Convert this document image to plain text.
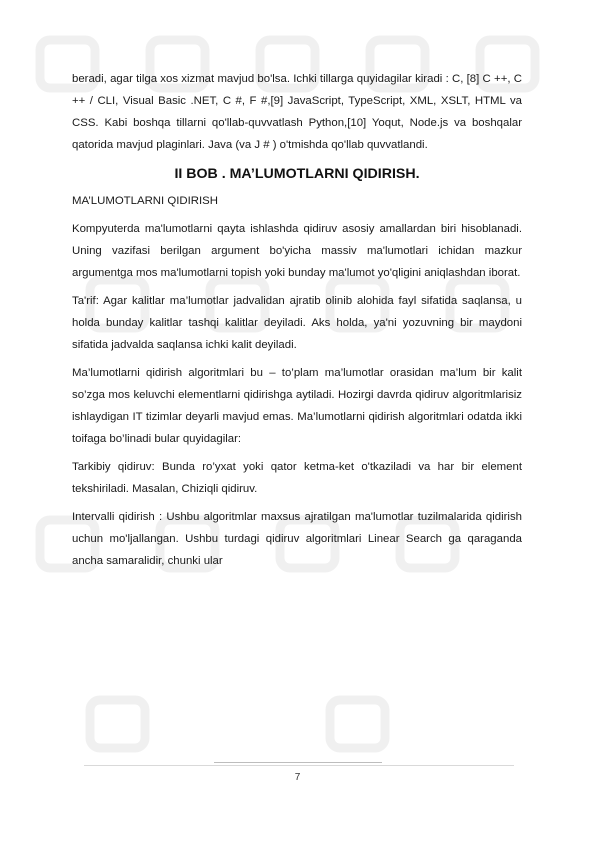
beradi, agar tilga xos xizmat mavjud bo'lsa. Ichki tillarga quyidagilar kiradi : C, [8] C ++, C ++ / CLI, Visual Basic .NET, C #, F #,[9] JavaScript, TypeScript, XML, XSLT, HTML va CSS. Kabi boshqa tillarni qo'llab-quvvatlash Python,[10] Yoqut, Node.js va boshqalar qatorida mavjud plaginlari. Java (va J # ) o'tmishda qo'llab quvvatlandi.

II BOB . MA’LUMOTLARNI QIDIRISH.

MA’LUMOTLARNI QIDIRISH

Kompyuterda ma'lumotlarni qayta ishlashda qidiruv asosiy amallardan biri hisoblanadi. Uning vazifasi berilgan argument bo'yicha massiv ma'lumotlari ichidan mazkur argumentga mos ma'lumotlarni topish yoki bunday ma'lumot yo'qligini aniqlashdan iborat.

Ta'rif: Agar kalitlar ma’lumotlar jadvalidan ajratib olinib alohida fayl sifatida saqlansa, u holda bunday kalitlar tashqi kalitlar deyiladi. Aks holda, ya'ni yozuvning bir maydoni sifatida jadvalda saqlansa ichki kalit deyiladi.

Ma’lumotlarni qidirish algoritmlari bu – to’plam ma’lumotlar orasidan ma’lum bir kalit so’zga mos keluvchi elementlarni qidirishga aytiladi. Hozirgi davrda qidiruv algoritmlarisiz ishlaydigan IT tizimlar deyarli mavjud emas. Ma’lumotlarni qidirish algoritmlari odatda ikki toifaga bo’linadi bular quyidagilar:

Tarkibiy qidiruv: Bunda ro’yxat yoki qator ketma-ket o'tkaziladi va har bir element tekshiriladi. Masalan, Chiziqli qidiruv.

Intervalli qidirish : Ushbu algoritmlar maxsus ajratilgan ma'lumotlar tuzilmalarida qidirish uchun mo'ljallangan. Ushbu turdagi qidiruv algoritmlari Linear Search ga qaraganda ancha samaralidir, chunki ular

7
